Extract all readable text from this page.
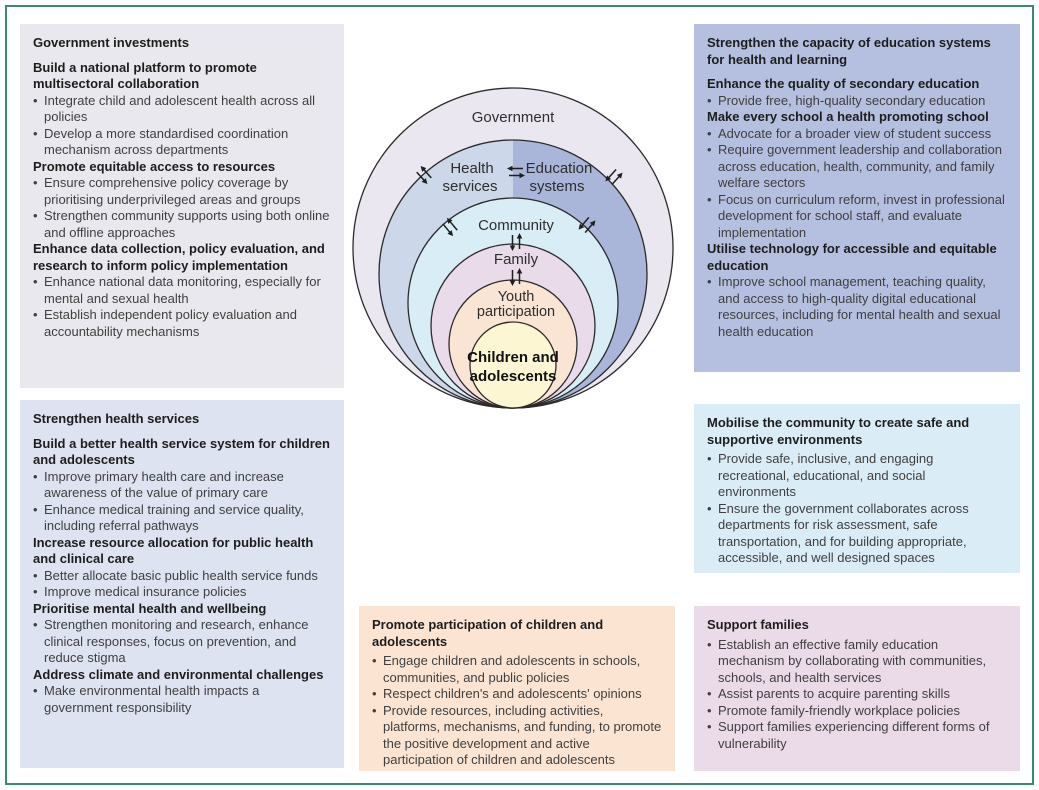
Government investments
Build a national platform to promote multisectoral collaboration
• Integrate child and adolescent health across all policies
• Develop a more standardised coordination mechanism across departments
Promote equitable access to resources
• Ensure comprehensive policy coverage by prioritising underprivileged areas and groups
• Strengthen community supports using both online and offline approaches
Enhance data collection, policy evaluation, and research to inform policy implementation
• Enhance national data monitoring, especially for mental and sexual health
• Establish independent policy evaluation and accountability mechanisms
Strengthen health services
Build a better health service system for children and adolescents
• Improve primary health care and increase awareness of the value of primary care
• Enhance medical training and service quality, including referral pathways
Increase resource allocation for public health and clinical care
• Better allocate basic public health service funds
• Improve medical insurance policies
Prioritise mental health and wellbeing
• Strengthen monitoring and research, enhance clinical responses, focus on prevention, and reduce stigma
Address climate and environmental challenges
• Make environmental health impacts a government responsibility
Strengthen the capacity of education systems for health and learning
Enhance the quality of secondary education
• Provide free, high-quality secondary education
Make every school a health promoting school
• Advocate for a broader view of student success
• Require government leadership and collaboration across education, health, community, and family welfare sectors
• Focus on curriculum reform, invest in professional development for school staff, and evaluate implementation
Utilise technology for accessible and equitable education
• Improve school management, teaching quality, and access to high-quality digital educational resources, including for mental health and sexual health education
Mobilise the community to create safe and supportive environments
• Provide safe, inclusive, and engaging recreational, educational, and social environments
• Ensure the government collaborates across departments for risk assessment, safe transportation, and for building appropriate, accessible, and well designed spaces
Support families
• Establish an effective family education mechanism by collaborating with communities, schools, and health services
• Assist parents to acquire parenting skills
• Promote family-friendly workplace policies
• Support families experiencing different forms of vulnerability
Promote participation of children and adolescents
• Engage children and adolescents in schools, communities, and public policies
• Respect children's and adolescents' opinions
• Provide resources, including activities, platforms, mechanisms, and funding, to promote the positive development and active participation of children and adolescents
Government
Health
services
Education
systems
Community
Family
Youth
participation
Children and
adolescents
